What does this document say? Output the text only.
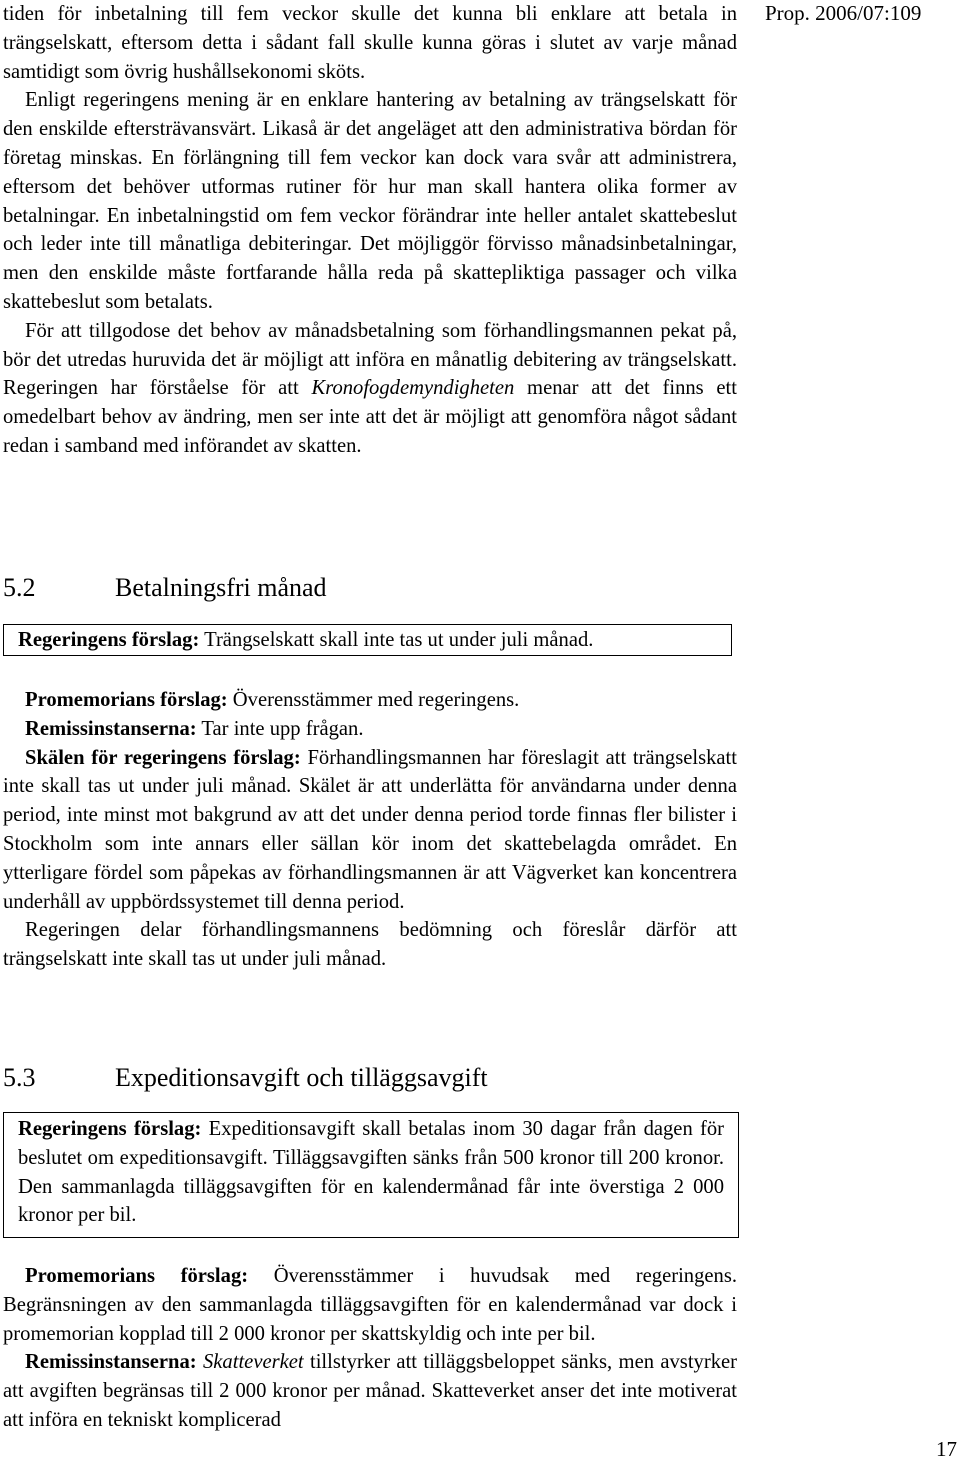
Prop. 2006/07:109

tiden för inbetalning till fem veckor skulle det kunna bli enklare att betala in trängselskatt, eftersom detta i sådant fall skulle kunna göras i slutet av varje månad samtidigt som övrig hushållsekonomi sköts.

Enligt regeringens mening är en enklare hantering av betalning av trängselskatt för den enskilde eftersträvansvärt. Likaså är det angeläget att den administrativa bördan för företag minskas. En förlängning till fem veckor kan dock vara svår att administrera, eftersom det behöver utformas rutiner för hur man skall hantera olika former av betalningar. En inbetalningstid om fem veckor förändrar inte heller antalet skattebeslut och leder inte till månatliga debiteringar. Det möjliggör förvisso månadsinbetalningar, men den enskilde måste fortfarande hålla reda på skattepliktiga passager och vilka skattebeslut som betalats.

För att tillgodose det behov av månadsbetalning som förhandlingsmannen pekat på, bör det utredas huruvida det är möjligt att införa en månatlig debitering av trängselskatt. Regeringen har förståelse för att Kronofogdemyndigheten menar att det finns ett omedelbart behov av ändring, men ser inte att det är möjligt att genomföra något sådant redan i samband med införandet av skatten.

5.2	Betalningsfri månad

Regeringens förslag: Trängselskatt skall inte tas ut under juli månad.

Promemorians förslag: Överensstämmer med regeringens.

Remissinstanserna: Tar inte upp frågan.

Skälen för regeringens förslag: Förhandlingsmannen har föreslagit att trängselskatt inte skall tas ut under juli månad. Skälet är att underlätta för användarna under denna period, inte minst mot bakgrund av att det under denna period torde finnas fler bilister i Stockholm som inte annars eller sällan kör inom det skattebelagda området. En ytterligare fördel som påpekas av förhandlingsmannen är att Vägverket kan koncentrera underhåll av uppbördssystemet till denna period.

Regeringen delar förhandlingsmannens bedömning och föreslår därför att trängselskatt inte skall tas ut under juli månad.

5.3	Expeditionsavgift och tilläggsavgift

Regeringens förslag: Expeditionsavgift skall betalas inom 30 dagar från dagen för beslutet om expeditionsavgift. Tilläggsavgiften sänks från 500 kronor till 200 kronor. Den sammanlagda tilläggsavgiften för en kalendermånad får inte överstiga 2 000 kronor per bil.

Promemorians förslag: Överensstämmer i huvudsak med regeringens. Begränsningen av den sammanlagda tilläggsavgiften för en kalendermånad var dock i promemorian kopplad till 2 000 kronor per skattskyldig och inte per bil.

Remissinstanserna: Skatteverket tillstyrker att tilläggsbeloppet sänks, men avstyrker att avgiften begränsas till 2 000 kronor per månad. Skatteverket anser det inte motiverat att införa en tekniskt komplicerad

17
